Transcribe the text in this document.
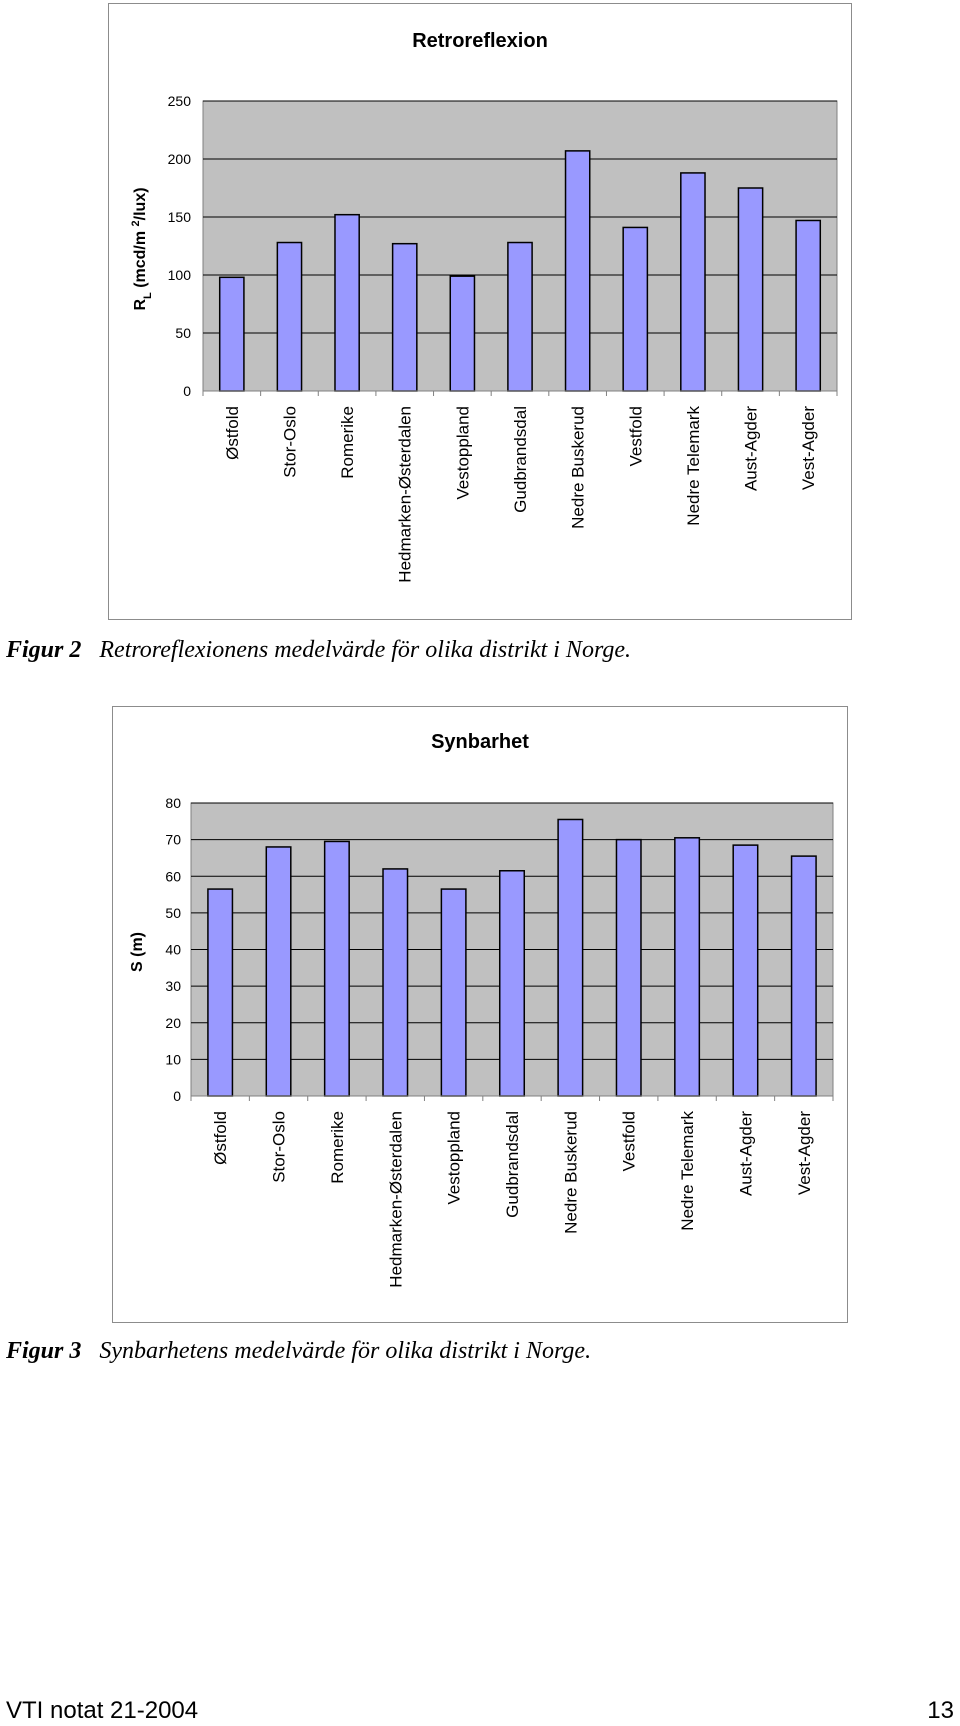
0
50
100
150
200
250
Østfold Stor-Oslo Romerike Hedmarken-Østerdalen Vestoppland Gudbrandsdal Nedre Buskerud Vestfold Nedre Telemark Aust-Agder Vest-Agder
Retroreflexion
$R_L$ (mcd/m $^2$/lux)
Figur 2 Retroreflexionens medelvärde för olika distrikt i Norge.
0
10
20
30
40
50
60
70
80
Østfold Stor-Oslo Romerike Hedmarken-Østerdalen Vestoppland Gudbrandsdal Nedre Buskerud Vestfold Nedre Telemark Aust-Agder Vest-Agder
Synbarhet
S (m)
Figur 3 Synbarhetens medelvärde för olika distrikt i Norge.
VTI notat 21-2004	13
